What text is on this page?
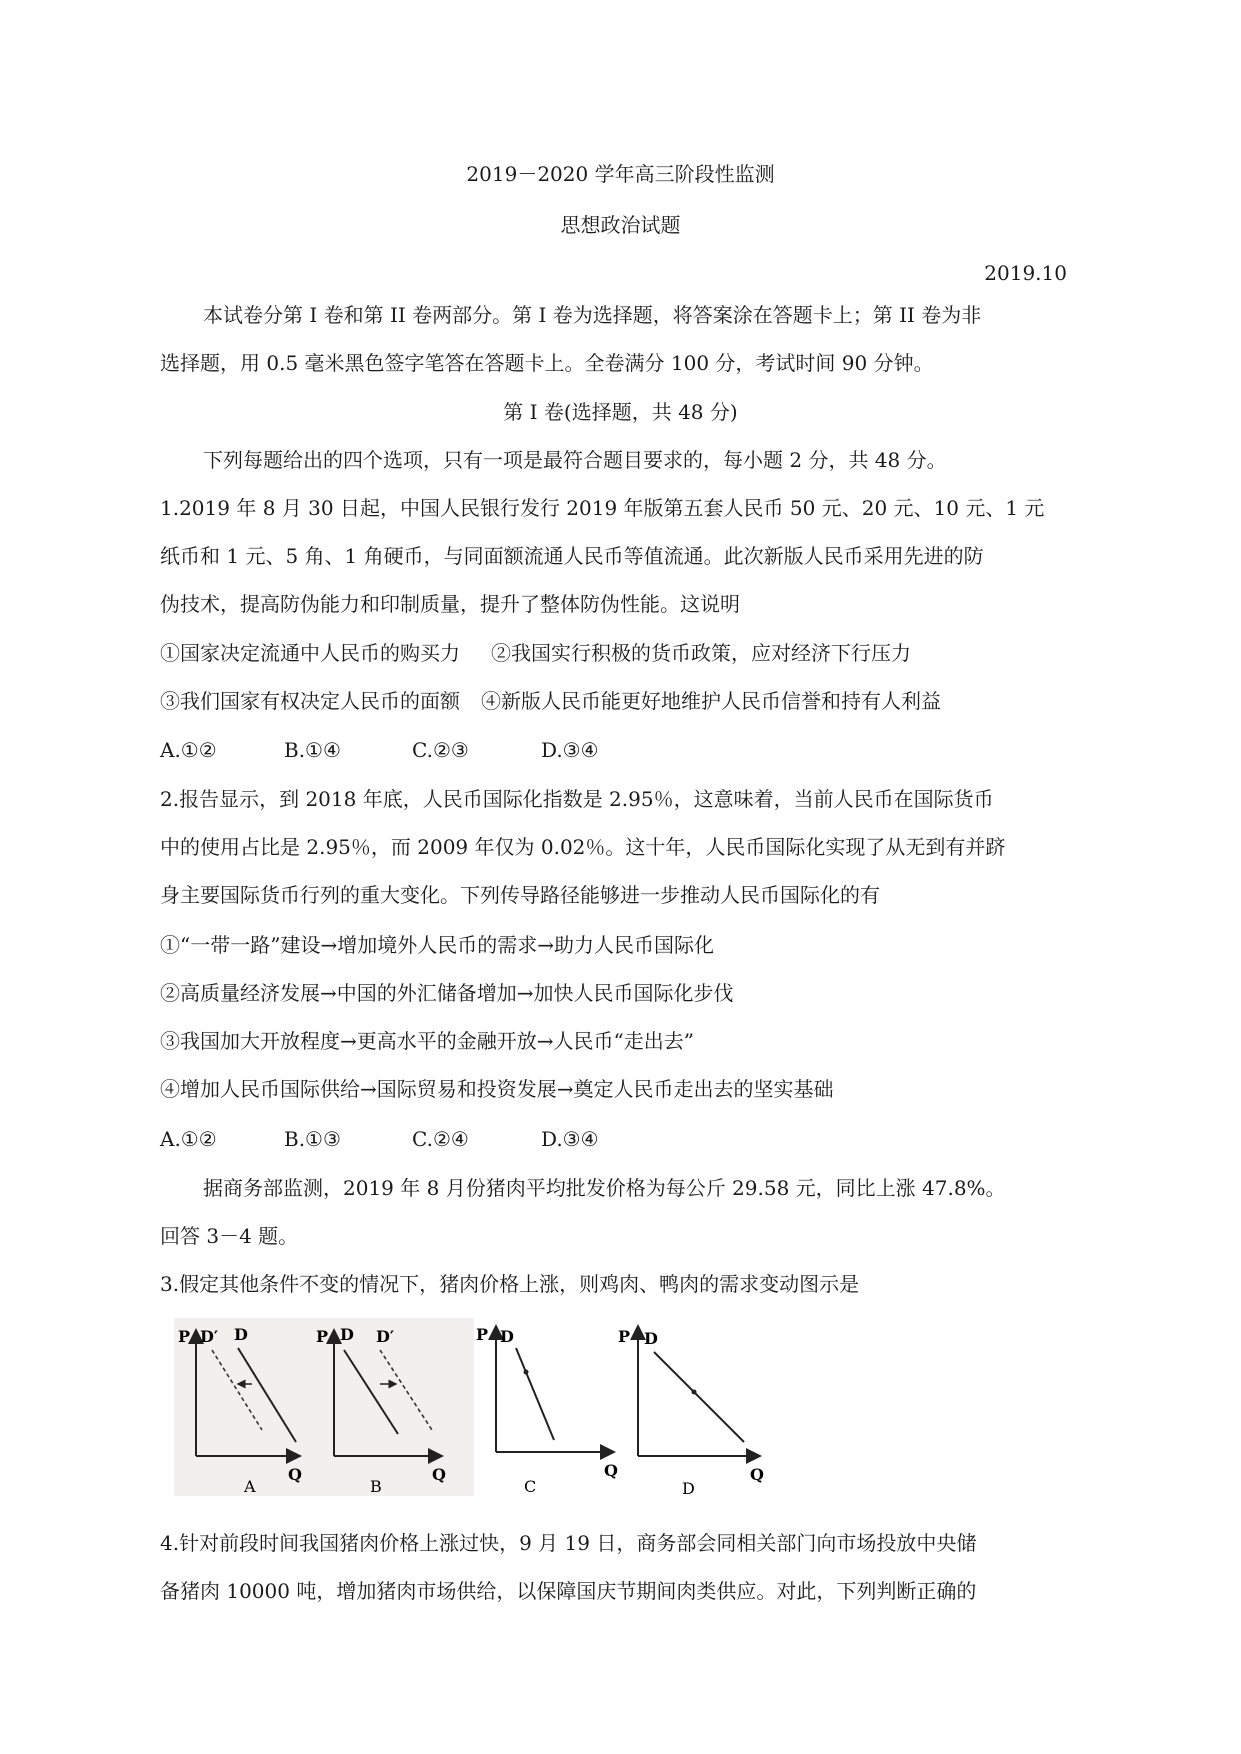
2019－2020 学年高三阶段性监测
思想政治试题
2019.10
本试卷分第 I 卷和第 II 卷两部分。第 I 卷为选择题，将答案涂在答题卡上；第 II 卷为非
选择题，用 0.5 毫米黑色签字笔答在答题卡上。全卷满分 100 分，考试时间 90 分钟。
第 I 卷(选择题，共 48 分)
下列每题给出的四个选项，只有一项是最符合题目要求的，每小题 2 分，共 48 分。
1.2019 年 8 月 30 日起，中国人民银行发行 2019 年版第五套人民币 50 元、20 元、10 元、1 元
纸币和 1 元、5 角、1 角硬币，与同面额流通人民币等值流通。此次新版人民币采用先进的防
伪技术，提高防伪能力和印制质量，提升了整体防伪性能。这说明
①国家决定流通中人民币的购买力 ②我国实行积极的货币政策，应对经济下行压力
③我们国家有权决定人民币的面额 ④新版人民币能更好地维护人民币信誉和持有人利益
A.①②	B.①④	C.②③	D.③④
2.报告显示，到 2018 年底，人民币国际化指数是 2.95％，这意味着，当前人民币在国际货币
中的使用占比是 2.95％，而 2009 年仅为 0.02％。这十年，人民币国际化实现了从无到有并跻
身主要国际货币行列的重大变化。下列传导路径能够进一步推动人民币国际化的有
①“一带一路”建设→增加境外人民币的需求→助力人民币国际化
②高质量经济发展→中国的外汇储备增加→加快人民币国际化步伐
③我国加大开放程度→更高水平的金融开放→人民币“走出去”
④增加人民币国际供给→国际贸易和投资发展→奠定人民币走出去的坚实基础
A.①②	B.①③	C.②④	D.③④
据商务部监测，2019 年 8 月份猪肉平均批发价格为每公斤 29.58 元，同比上涨 47.8%。
回答 3－4 题。
3.假定其他条件不变的情况下，猪肉价格上涨，则鸡肉、鸭肉的需求变动图示是
P
Q
D′ D
A
P
Q
D D′
B
P
Q
D
C
P
Q
D
D
4.针对前段时间我国猪肉价格上涨过快，9 月 19 日，商务部会同相关部门向市场投放中央储
备猪肉 10000 吨，增加猪肉市场供给，以保障国庆节期间肉类供应。对此，下列判断正确的
